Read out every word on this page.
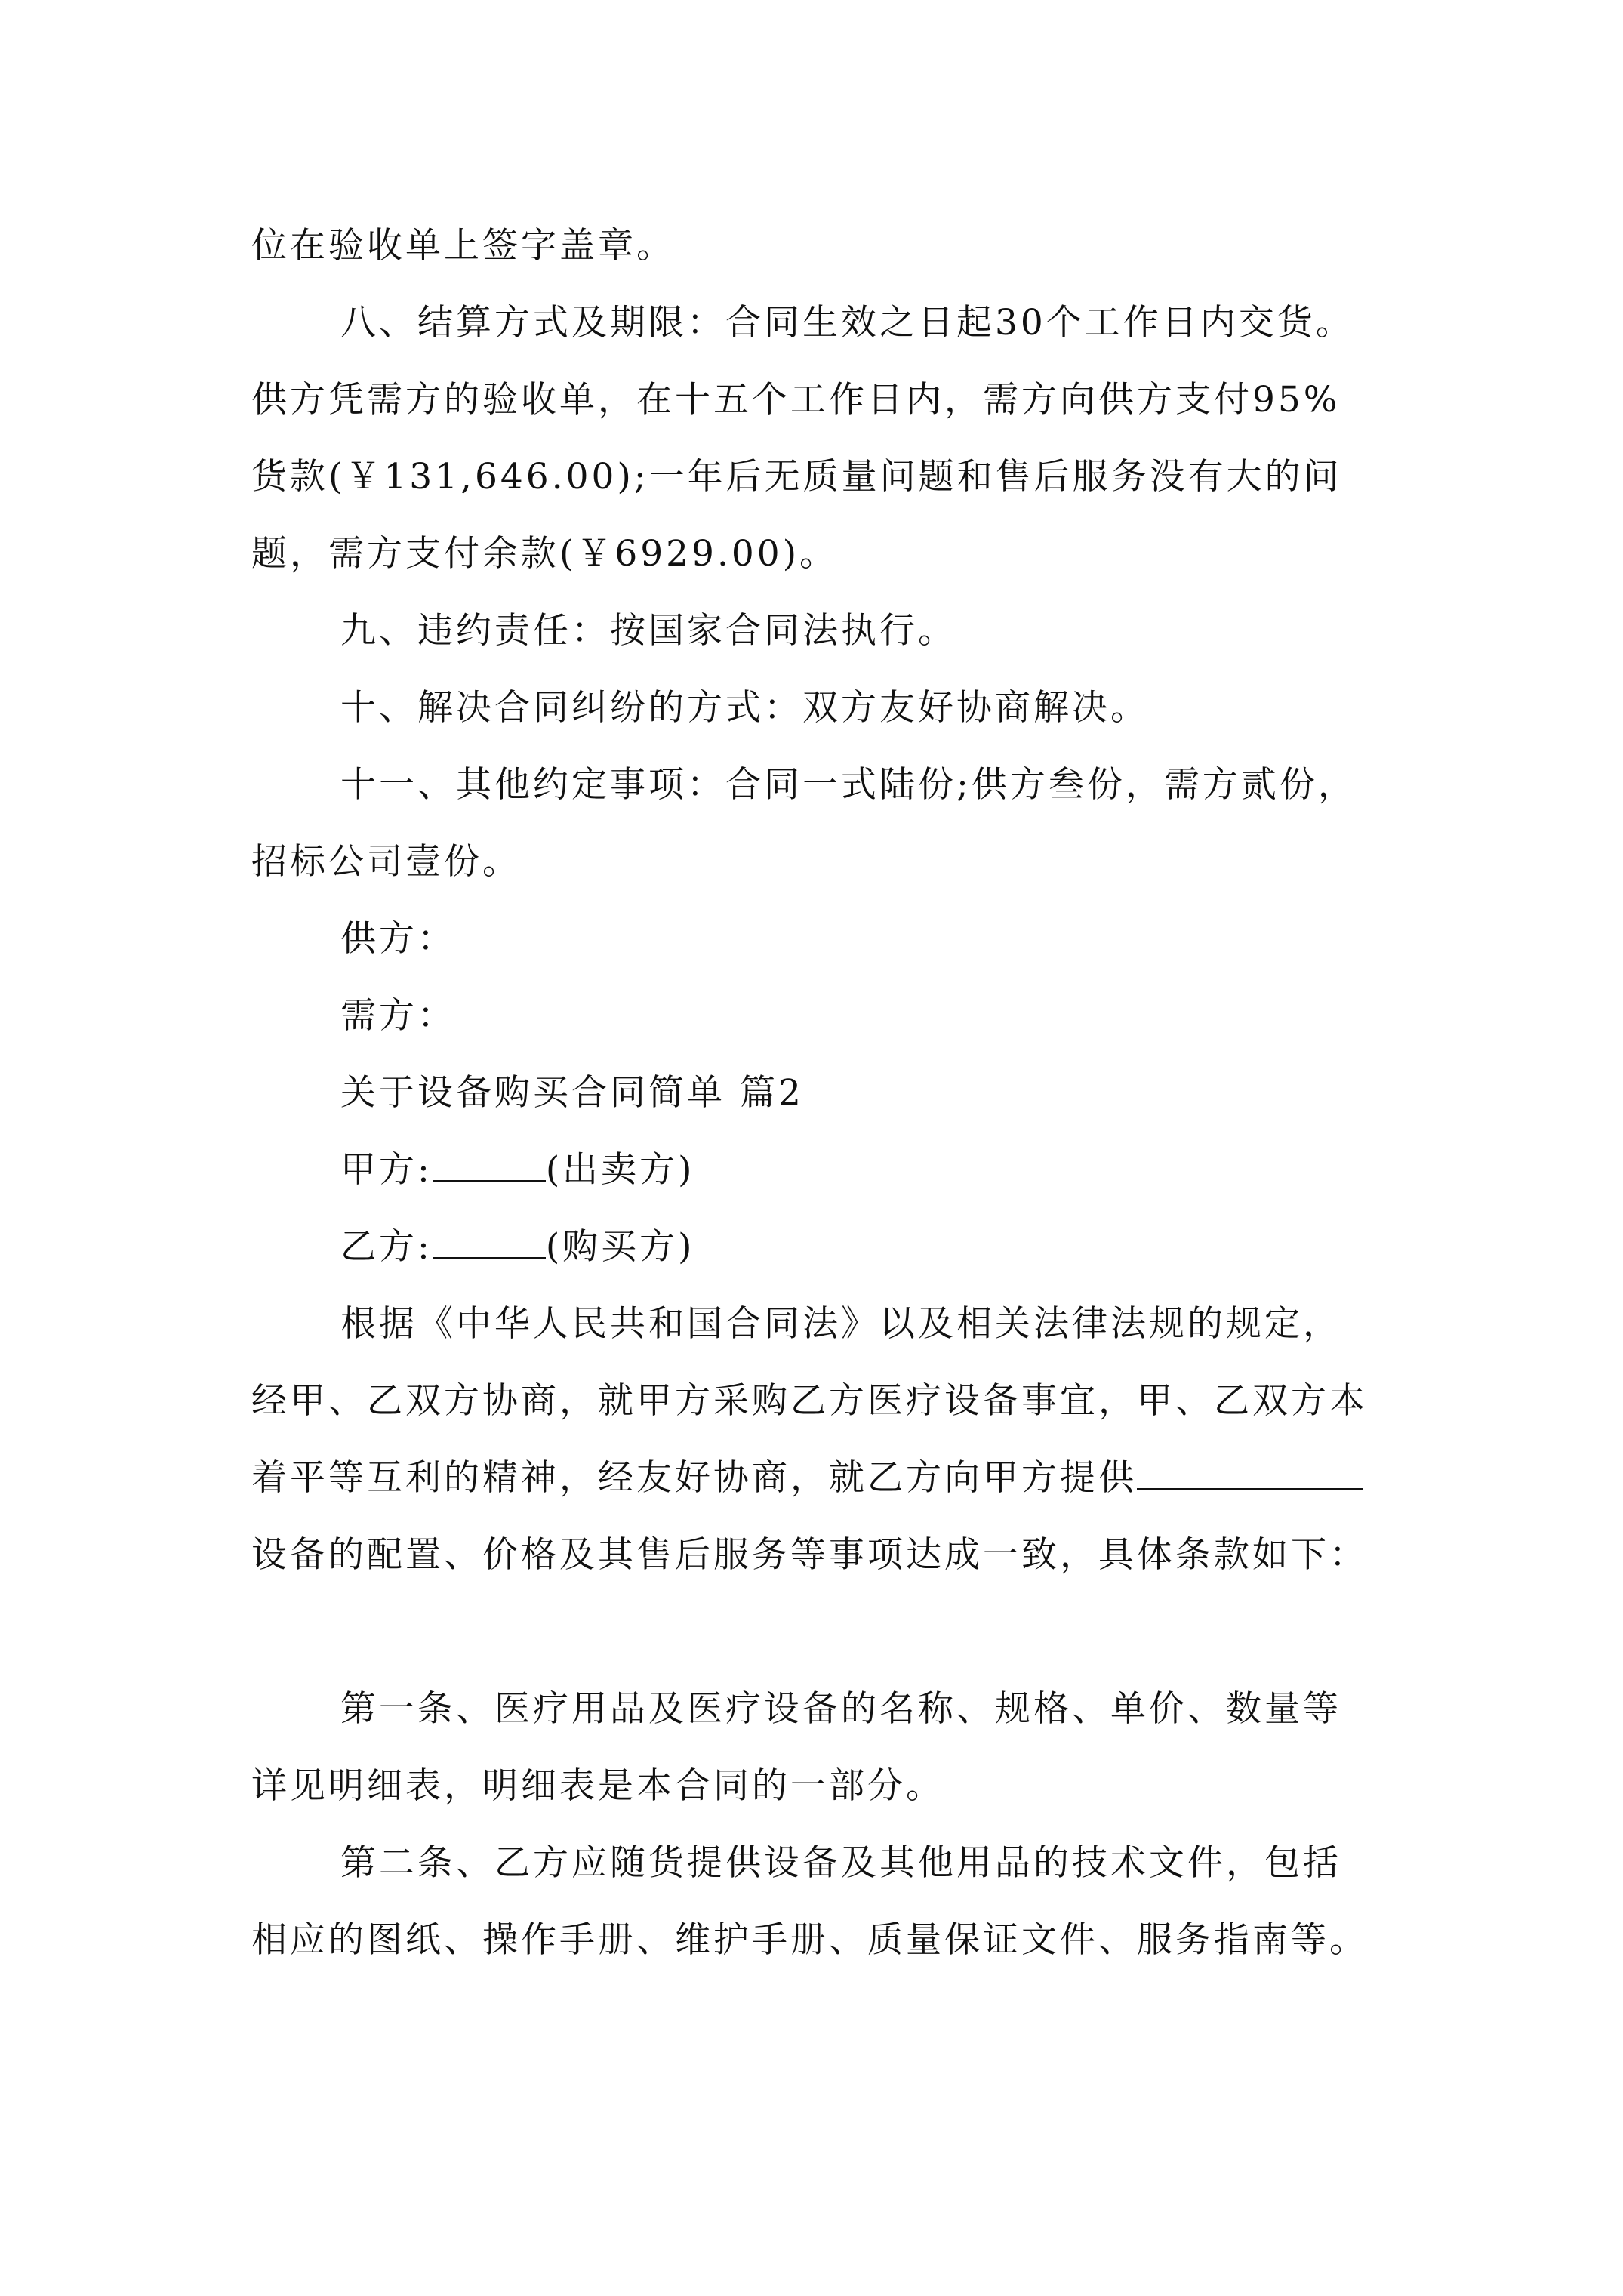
位在验收单上签字盖章。

八、结算方式及期限：合同生效之日起30个工作日内交货。供方凭需方的验收单，在十五个工作日内，需方向供方支付95%货款(￥131,646.00);一年后无质量问题和售后服务没有大的问题，需方支付余款(￥6929.00)。

九、违约责任：按国家合同法执行。

十、解决合同纠纷的方式：双方友好协商解决。

十一、其他约定事项：合同一式陆份;供方叁份，需方贰份，招标公司壹份。

供方：

需方：

关于设备购买合同简单 篇2

甲方:	(出卖方)

乙方:	(购买方)

根据《中华人民共和国合同法》以及相关法律法规的规定，经甲、乙双方协商，就甲方采购乙方医疗设备事宜，甲、乙双方本着平等互利的精神，经友好协商，就乙方向甲方提供设备的配置、价格及其售后服务等事项达成一致，具体条款如下：

第一条、医疗用品及医疗设备的名称、规格、单价、数量等详见明细表，明细表是本合同的一部分。

第二条、乙方应随货提供设备及其他用品的技术文件，包括相应的图纸、操作手册、维护手册、质量保证文件、服务指南等。
